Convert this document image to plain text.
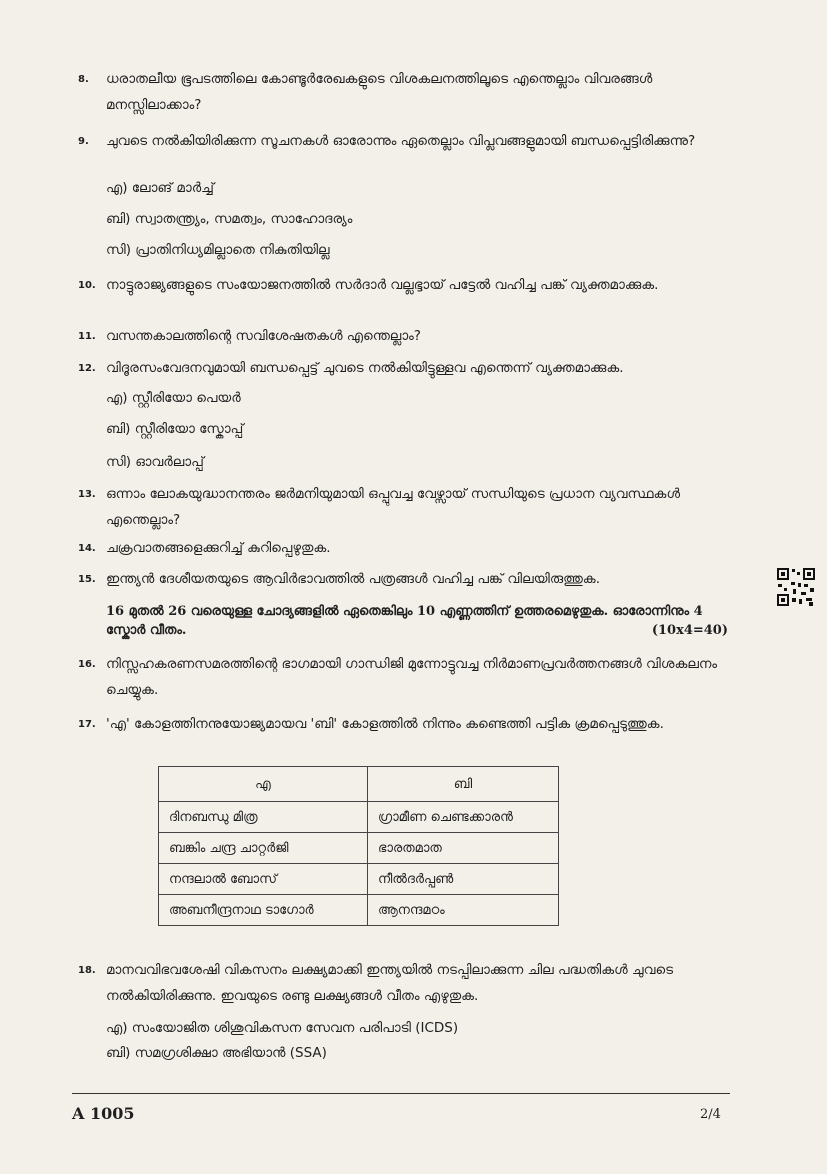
8. ധരാതലീയ ഭൂപടത്തിലെ കോണ്ടൂർരേഖകളുടെ വിശകലനത്തിലൂടെ എന്തെല്ലാം വിവരങ്ങൾ മനസ്സിലാക്കാം?
9. ചുവടെ നൽകിയിരിക്കുന്ന സൂചനകൾ ഓരോന്നും ഏതെല്ലാം വിപ്ലവങ്ങളുമായി ബന്ധപ്പെട്ടിരിക്കുന്നു?
എ) ലോങ് മാർച്ച്
ബി) സ്വാതന്ത്ര്യം, സമത്വം, സാഹോദര്യം
സി) പ്രാതിനിധ്യമില്ലാതെ നികുതിയില്ല
10. നാട്ടുരാജ്യങ്ങളുടെ സംയോജനത്തിൽ സർദാർ വല്ലഭ്ഭായ് പട്ടേൽ വഹിച്ച പങ്ക് വ്യക്തമാക്കുക.
11. വസന്തകാലത്തിന്റെ സവിശേഷതകൾ എന്തെല്ലാം?
12. വിദൂരസംവേദനവുമായി ബന്ധപ്പെട്ട് ചുവടെ നൽകിയിട്ടുള്ളവ എന്തെന്ന് വ്യക്തമാക്കുക.
എ) സ്റ്റീരിയോ പെയർ
ബി) സ്റ്റീരിയോ സ്കോപ്പ്
സി) ഓവർലാപ്പ്
13. ഒന്നാം ലോകയുദ്ധാനന്തരം ജർമനിയുമായി ഒപ്പുവച്ച വേഴ്സായ് സന്ധിയുടെ പ്രധാന വ്യവസ്ഥകൾ എന്തെല്ലാം?
14. ചക്രവാതങ്ങളെക്കുറിച്ച് കുറിപ്പെഴുതുക.
15. ഇന്ത്യൻ ദേശീയതയുടെ ആവിർഭാവത്തിൽ പത്രങ്ങൾ വഹിച്ച പങ്ക് വിലയിരുത്തുക.
16 മുതൽ 26 വരെയുള്ള ചോദ്യങ്ങളിൽ ഏതെങ്കിലും 10 എണ്ണത്തിന് ഉത്തരമെഴുതുക. ഓരോന്നിനും 4 സ്കോർ വീതം.	(10x4=40)
16. നിസ്സഹകരണസമരത്തിന്റെ ഭാഗമായി ഗാന്ധിജി മുന്നോട്ടുവച്ച നിർമാണപ്രവർത്തനങ്ങൾ വിശകലനം ചെയ്യുക.
17. 'എ' കോളത്തിനനുയോജ്യമായവ 'ബി' കോളത്തിൽ നിന്നും കണ്ടെത്തി പട്ടിക ക്രമപ്പെടുത്തുക.
എ	ബി
ദിനബന്ധു മിത്ര	ഗ്രാമീണ ചെണ്ടക്കാരൻ
ബങ്കിം ചന്ദ്ര ചാറ്റർജി	ഭാരതമാത
നന്ദലാൽ ബോസ്	നീൽദർപ്പൺ
അബനീന്ദ്രനാഥ ടാഗോർ	ആനന്ദമഠം
18. മാനവവിഭവശേഷി വികസനം ലക്ഷ്യമാക്കി ഇന്ത്യയിൽ നടപ്പിലാക്കുന്ന ചില പദ്ധതികൾ ചുവടെ നൽകിയിരിക്കുന്നു. ഇവയുടെ രണ്ടു ലക്ഷ്യങ്ങൾ വീതം എഴുതുക.
എ) സംയോജിത ശിശുവികസന സേവന പരിപാടി (ICDS)
ബി) സമഗ്രശിക്ഷാ അഭിയാൻ (SSA)
A 1005	2/4
